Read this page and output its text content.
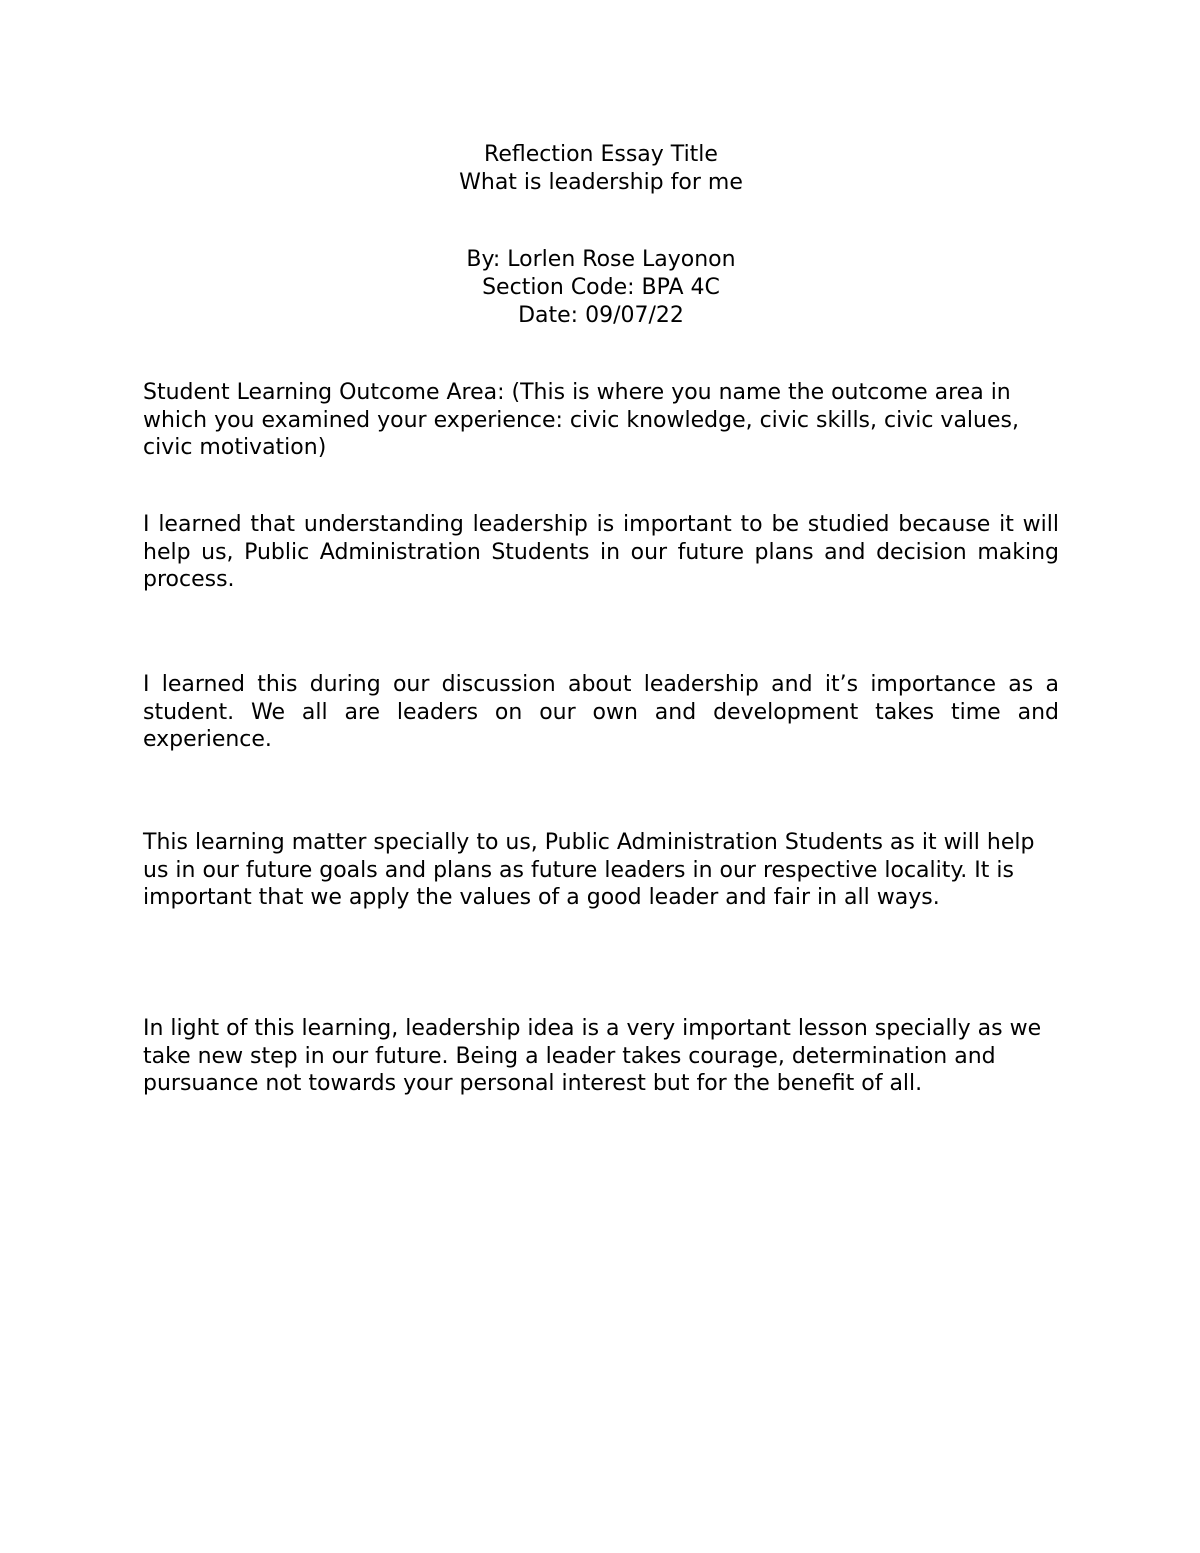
Reflection Essay Title

What is leadership for me

By: Lorlen Rose Layonon

Section Code: BPA 4C

Date: 09/07/22

Student Learning Outcome Area: (This is where you name the outcome area in which you examined your experience: civic knowledge, civic skills, civic values, civic motivation)

I learned that understanding leadership is important to be studied because it will help us, Public Administration Students in our future plans and decision making process.

I learned this during our discussion about leadership and it’s importance as a student. We all are leaders on our own and development takes time and experience.

This learning matter specially to us, Public Administration Students as it will help us in our future goals and plans as future leaders in our respective locality. It is important that we apply the values of a good leader and fair in all ways.

In light of this learning, leadership idea is a very important lesson specially as we take new step in our future. Being a leader takes courage, determination and pursuance not towards your personal interest but for the benefit of all.
